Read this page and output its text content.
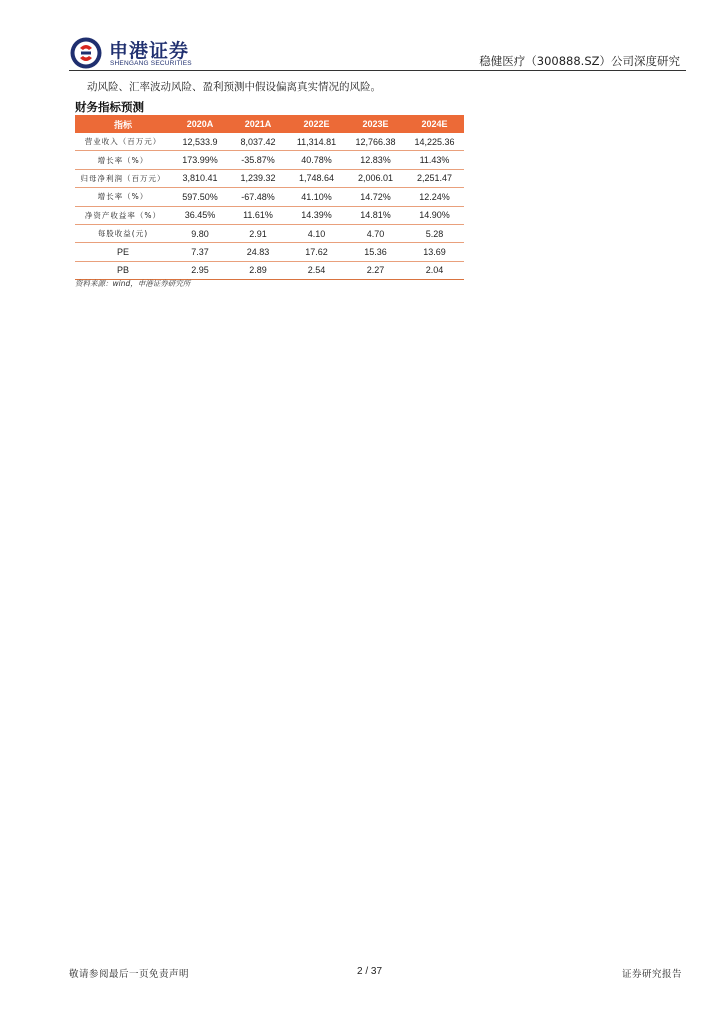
申港证券
SHENGANG SECURITIES	稳健医疗（300888.SZ）公司深度研究
动风险、汇率波动风险、盈利预测中假设偏离真实情况的风险。
财务指标预测
指标	2020A	2021A	2022E	2023E	2024E
营业收入（百万元）	12,533.9	8,037.42	11,314.81	12,766.38	14,225.36
增长率（%）	173.99%	-35.87%	40.78%	12.83%	11.43%
归母净利润（百万元）	3,810.41	1,239.32	1,748.64	2,006.01	2,251.47
增长率（%）	597.50%	-67.48%	41.10%	14.72%	12.24%
净资产收益率（%）	36.45%	11.61%	14.39%	14.81%	14.90%
每股收益(元)	9.80	2.91	4.10	4.70	5.28
PE	7.37	24.83	17.62	15.36	13.69
PB	2.95	2.89	2.54	2.27	2.04
资料来源：wind，申港证券研究所
敬请参阅最后一页免责声明	2 / 37	证券研究报告
